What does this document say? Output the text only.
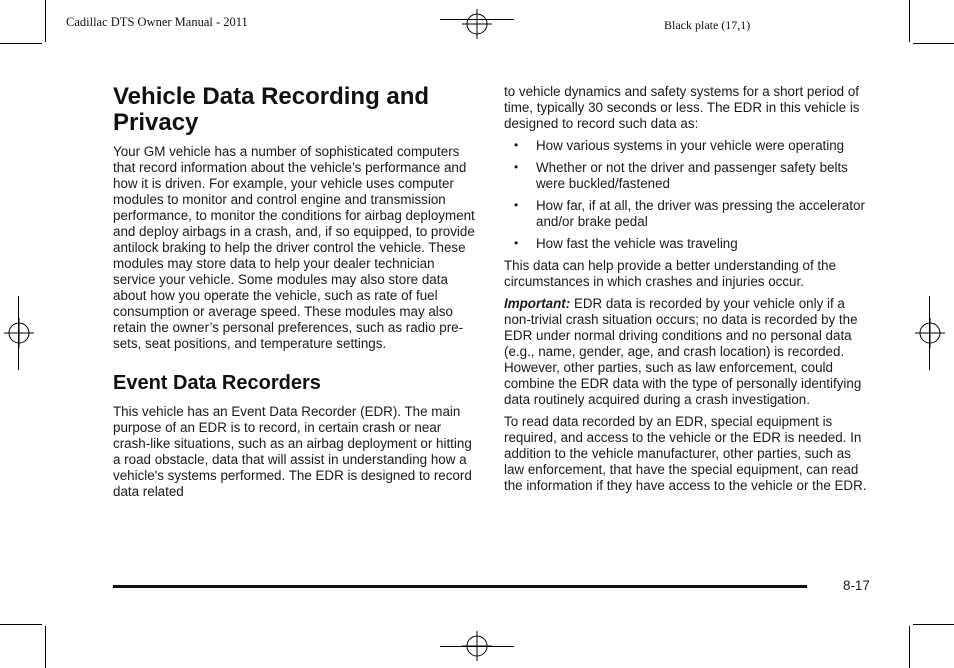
Cadillac DTS Owner Manual - 2011	Black plate (17,1)
Vehicle Data Recording and Privacy

Your GM vehicle has a number of sophisticated computers that record information about the vehicle’s performance and how it is driven. For example, your vehicle uses computer modules to monitor and control engine and transmission performance, to monitor the conditions for airbag deployment and deploy airbags in a crash, and, if so equipped, to provide antilock braking to help the driver control the vehicle. These modules may store data to help your dealer technician service your vehicle. Some modules may also store data about how you operate the vehicle, such as rate of fuel consumption or average speed. These modules may also retain the owner’s personal preferences, such as radio pre-sets, seat positions, and temperature settings.

Event Data Recorders

This vehicle has an Event Data Recorder (EDR). The main purpose of an EDR is to record, in certain crash or near crash-like situations, such as an airbag deployment or hitting a road obstacle, data that will assist in understanding how a vehicle's systems performed. The EDR is designed to record data related

to vehicle dynamics and safety systems for a short period of time, typically 30 seconds or less. The EDR in this vehicle is designed to record such data as:

• How various systems in your vehicle were operating
• Whether or not the driver and passenger safety belts were buckled/fastened
• How far, if at all, the driver was pressing the accelerator and/or brake pedal
• How fast the vehicle was traveling

This data can help provide a better understanding of the circumstances in which crashes and injuries occur.

Important: EDR data is recorded by your vehicle only if a non-trivial crash situation occurs; no data is recorded by the EDR under normal driving conditions and no personal data (e.g., name, gender, age, and crash location) is recorded. However, other parties, such as law enforcement, could combine the EDR data with the type of personally identifying data routinely acquired during a crash investigation.

To read data recorded by an EDR, special equipment is required, and access to the vehicle or the EDR is needed. In addition to the vehicle manufacturer, other parties, such as law enforcement, that have the special equipment, can read the information if they have access to the vehicle or the EDR.

8-17
